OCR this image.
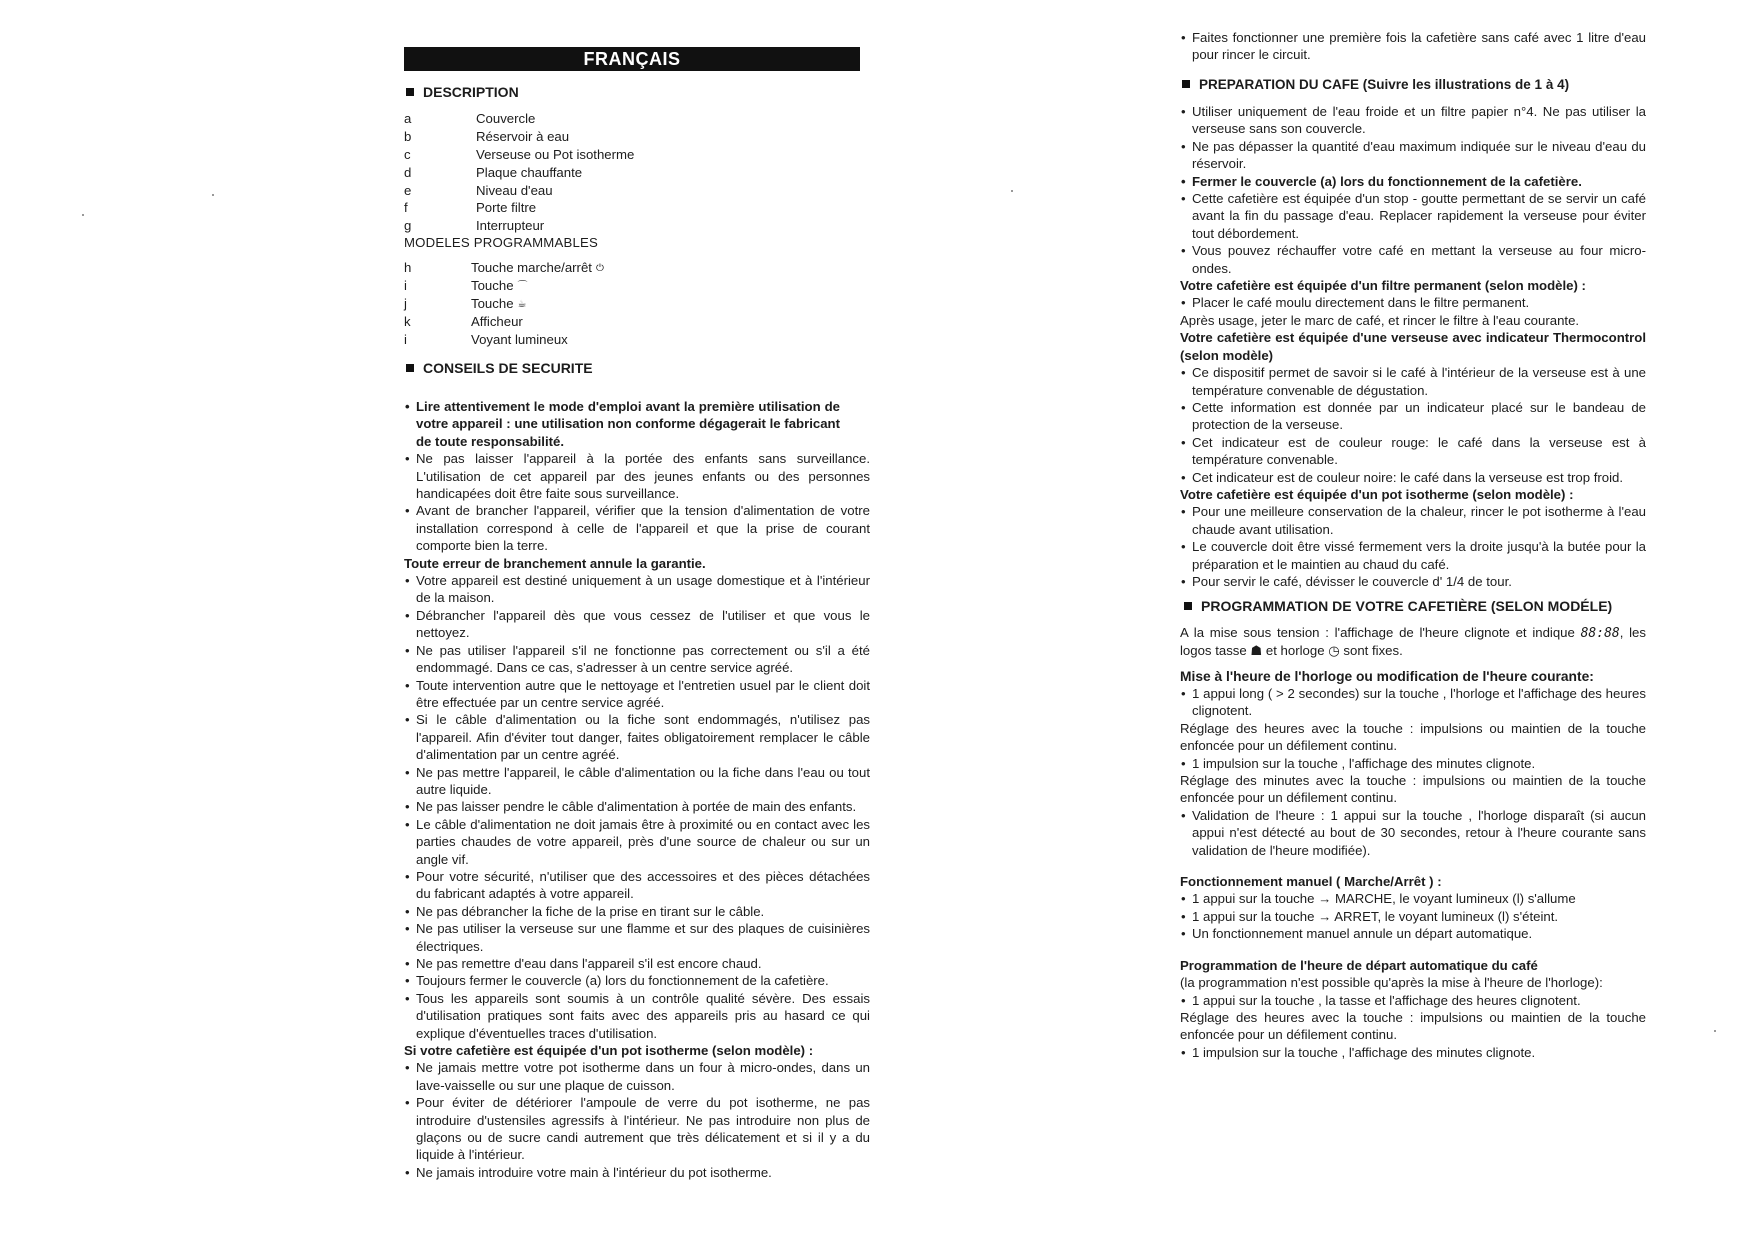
FRANÇAIS
DESCRIPTION
a	Couvercle
b	Réservoir à eau
c	Verseuse ou Pot isotherme
d	Plaque chauffante
e	Niveau d'eau
f	Porte filtre
g	Interrupteur
MODELES PROGRAMMABLES
h	Touche marche/arrêt ⏻
i	Touche ⌒
j	Touche ☕
k	Afficheur
i	Voyant lumineux
CONSEILS DE SECURITE

• Lire attentivement le mode d'emploi avant la première utilisation de votre appareil : une utilisation non conforme dégagerait le fabricant de toute responsabilité.

• Ne pas laisser l'appareil à la portée des enfants sans surveillance. L'utilisation de cet appareil par des jeunes enfants ou des personnes handicapées doit être faite sous surveillance.

• Avant de brancher l'appareil, vérifier que la tension d'alimentation de votre installation correspond à celle de l'appareil et que la prise de courant comporte bien la terre.

Toute erreur de branchement annule la garantie.

• Votre appareil est destiné uniquement à un usage domestique et à l'intérieur de la maison.

• Débrancher l'appareil dès que vous cessez de l'utiliser et que vous le nettoyez.

• Ne pas utiliser l'appareil s'il ne fonctionne pas correctement ou s'il a été endommagé. Dans ce cas, s'adresser à un centre service agréé.

• Toute intervention autre que le nettoyage et l'entretien usuel par le client doit être effectuée par un centre service agréé.

• Si le câble d'alimentation ou la fiche sont endommagés, n'utilisez pas l'appareil. Afin d'éviter tout danger, faites obligatoirement remplacer le câble d'alimentation par un centre agréé.

• Ne pas mettre l'appareil, le câble d'alimentation ou la fiche dans l'eau ou tout autre liquide.

• Ne pas laisser pendre le câble d'alimentation à portée de main des enfants.

• Le câble d'alimentation ne doit jamais être à proximité ou en contact avec les parties chaudes de votre appareil, près d'une source de chaleur ou sur un angle vif.

• Pour votre sécurité, n'utiliser que des accessoires et des pièces détachées du fabricant adaptés à votre appareil.

• Ne pas débrancher la fiche de la prise en tirant sur le câble.

• Ne pas utiliser la verseuse sur une flamme et sur des plaques de cuisinières électriques.

• Ne pas remettre d'eau dans l'appareil s'il est encore chaud.

• Toujours fermer le couvercle (a) lors du fonctionnement de la cafetière.

• Tous les appareils sont soumis à un contrôle qualité sévère. Des essais d'utilisation pratiques sont faits avec des appareils pris au hasard ce qui explique d'éventuelles traces d'utilisation.

Si votre cafetière est équipée d'un pot isotherme (selon modèle) :

• Ne jamais mettre votre pot isotherme dans un four à micro-ondes, dans un lave-vaisselle ou sur une plaque de cuisson.

• Pour éviter de détériorer l'ampoule de verre du pot isotherme, ne pas introduire d'ustensiles agressifs à l'intérieur. Ne pas introduire non plus de glaçons ou de sucre candi autrement que très délicatement et si il y a du liquide à l'intérieur.

• Ne jamais introduire votre main à l'intérieur du pot isotherme.

• Faites fonctionner une première fois la cafetière sans café avec 1 litre d'eau pour rincer le circuit.

PREPARATION DU CAFE (Suivre les illustrations de 1 à 4)

• Utiliser uniquement de l'eau froide et un filtre papier n°4. Ne pas utiliser la verseuse sans son couvercle.

• Ne pas dépasser la quantité d'eau maximum indiquée sur le niveau d'eau du réservoir.

• Fermer le couvercle (a) lors du fonctionnement de la cafetière.

• Cette cafetière est équipée d'un stop - goutte permettant de se servir un café avant la fin du passage d'eau. Replacer rapidement la verseuse pour éviter tout débordement.

• Vous pouvez réchauffer votre café en mettant la verseuse au four micro-ondes.

Votre cafetière est équipée d'un filtre permanent (selon modèle) :

• Placer le café moulu directement dans le filtre permanent.

Après usage, jeter le marc de café, et rincer le filtre à l'eau courante.

Votre cafetière est équipée d'une verseuse avec indicateur Thermocontrol (selon modèle)

• Ce dispositif permet de savoir si le café à l'intérieur de la verseuse est à une température convenable de dégustation.

• Cette information est donnée par un indicateur placé sur le bandeau de protection de la verseuse.

• Cet indicateur est de couleur rouge: le café dans la verseuse est à température convenable.

• Cet indicateur est de couleur noire: le café dans la verseuse est trop froid.

Votre cafetière est équipée d'un pot isotherme (selon modèle) :

• Pour une meilleure conservation de la chaleur, rincer le pot isotherme à l'eau chaude avant utilisation.

• Le couvercle doit être vissé fermement vers la droite jusqu'à la butée pour la préparation et le maintien au chaud du café.

• Pour servir le café, dévisser le couvercle d' 1/4 de tour.

PROGRAMMATION DE VOTRE CAFETIÈRE (SELON MODÉLE)

A la mise sous tension : l'affichage de l'heure clignote et indique 88:88, les logos tasse ☗ et horloge ◷ sont fixes.

Mise à l'heure de l'horloge ou modification de l'heure courante:

• 1 appui long ( > 2 secondes) sur la touche , l'horloge et l'affichage des heures clignotent.

Réglage des heures avec la touche : impulsions ou maintien de la touche enfoncée pour un défilement continu.

• 1 impulsion sur la touche , l'affichage des minutes clignote.

Réglage des minutes avec la touche : impulsions ou maintien de la touche enfoncée pour un défilement continu.

• Validation de l'heure : 1 appui sur la touche , l'horloge disparaît (si aucun appui n'est détecté au bout de 30 secondes, retour à l'heure courante sans validation de l'heure modifiée).

Fonctionnement manuel ( Marche/Arrêt ) :

• 1 appui sur la touche → MARCHE, le voyant lumineux (l) s'allume

• 1 appui sur la touche → ARRET, le voyant lumineux (l) s'éteint.

• Un fonctionnement manuel annule un départ automatique.

Programmation de l'heure de départ automatique du café

(la programmation n'est possible qu'après la mise à l'heure de l'horloge):

• 1 appui sur la touche , la tasse et l'affichage des heures clignotent.

Réglage des heures avec la touche : impulsions ou maintien de la touche enfoncée pour un défilement continu.

• 1 impulsion sur la touche , l'affichage des minutes clignote.
